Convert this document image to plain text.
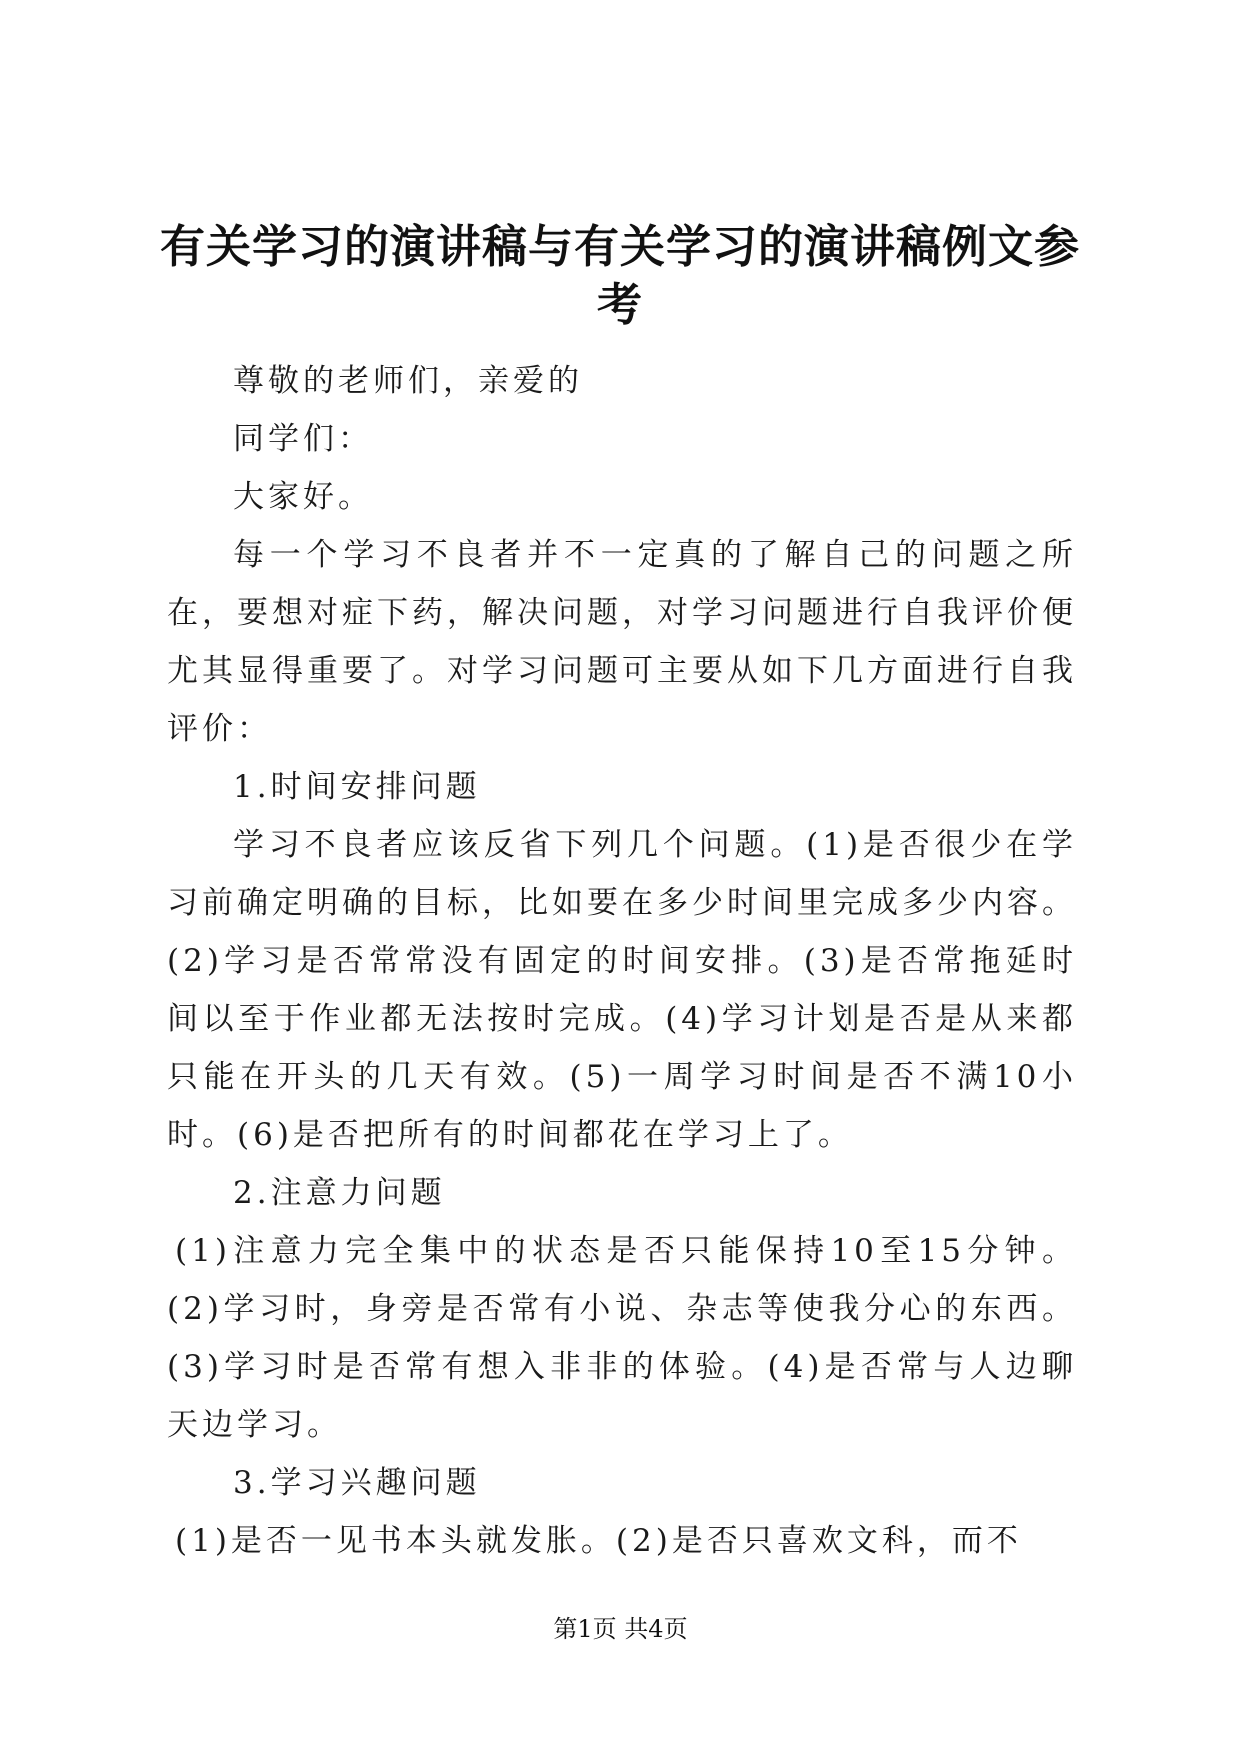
有关学习的演讲稿与有关学习的演讲稿例文参考

尊敬的老师们，亲爱的

同学们：

大家好。

每一个学习不良者并不一定真的了解自己的问题之所在，要想对症下药，解决问题，对学习问题进行自我评价便尤其显得重要了。对学习问题可主要从如下几方面进行自我评价：

1.时间安排问题

学习不良者应该反省下列几个问题。(1)是否很少在学习前确定明确的目标，比如要在多少时间里完成多少内容。(2)学习是否常常没有固定的时间安排。(3)是否常拖延时间以至于作业都无法按时完成。(4)学习计划是否是从来都只能在开头的几天有效。(5)一周学习时间是否不满10小时。(6)是否把所有的时间都花在学习上了。

2.注意力问题

(1)注意力完全集中的状态是否只能保持10至15分钟。(2)学习时，身旁是否常有小说、杂志等使我分心的东西。(3)学习时是否常有想入非非的体验。(4)是否常与人边聊天边学习。

3.学习兴趣问题

(1)是否一见书本头就发胀。(2)是否只喜欢文科，而不

第1页 共4页
